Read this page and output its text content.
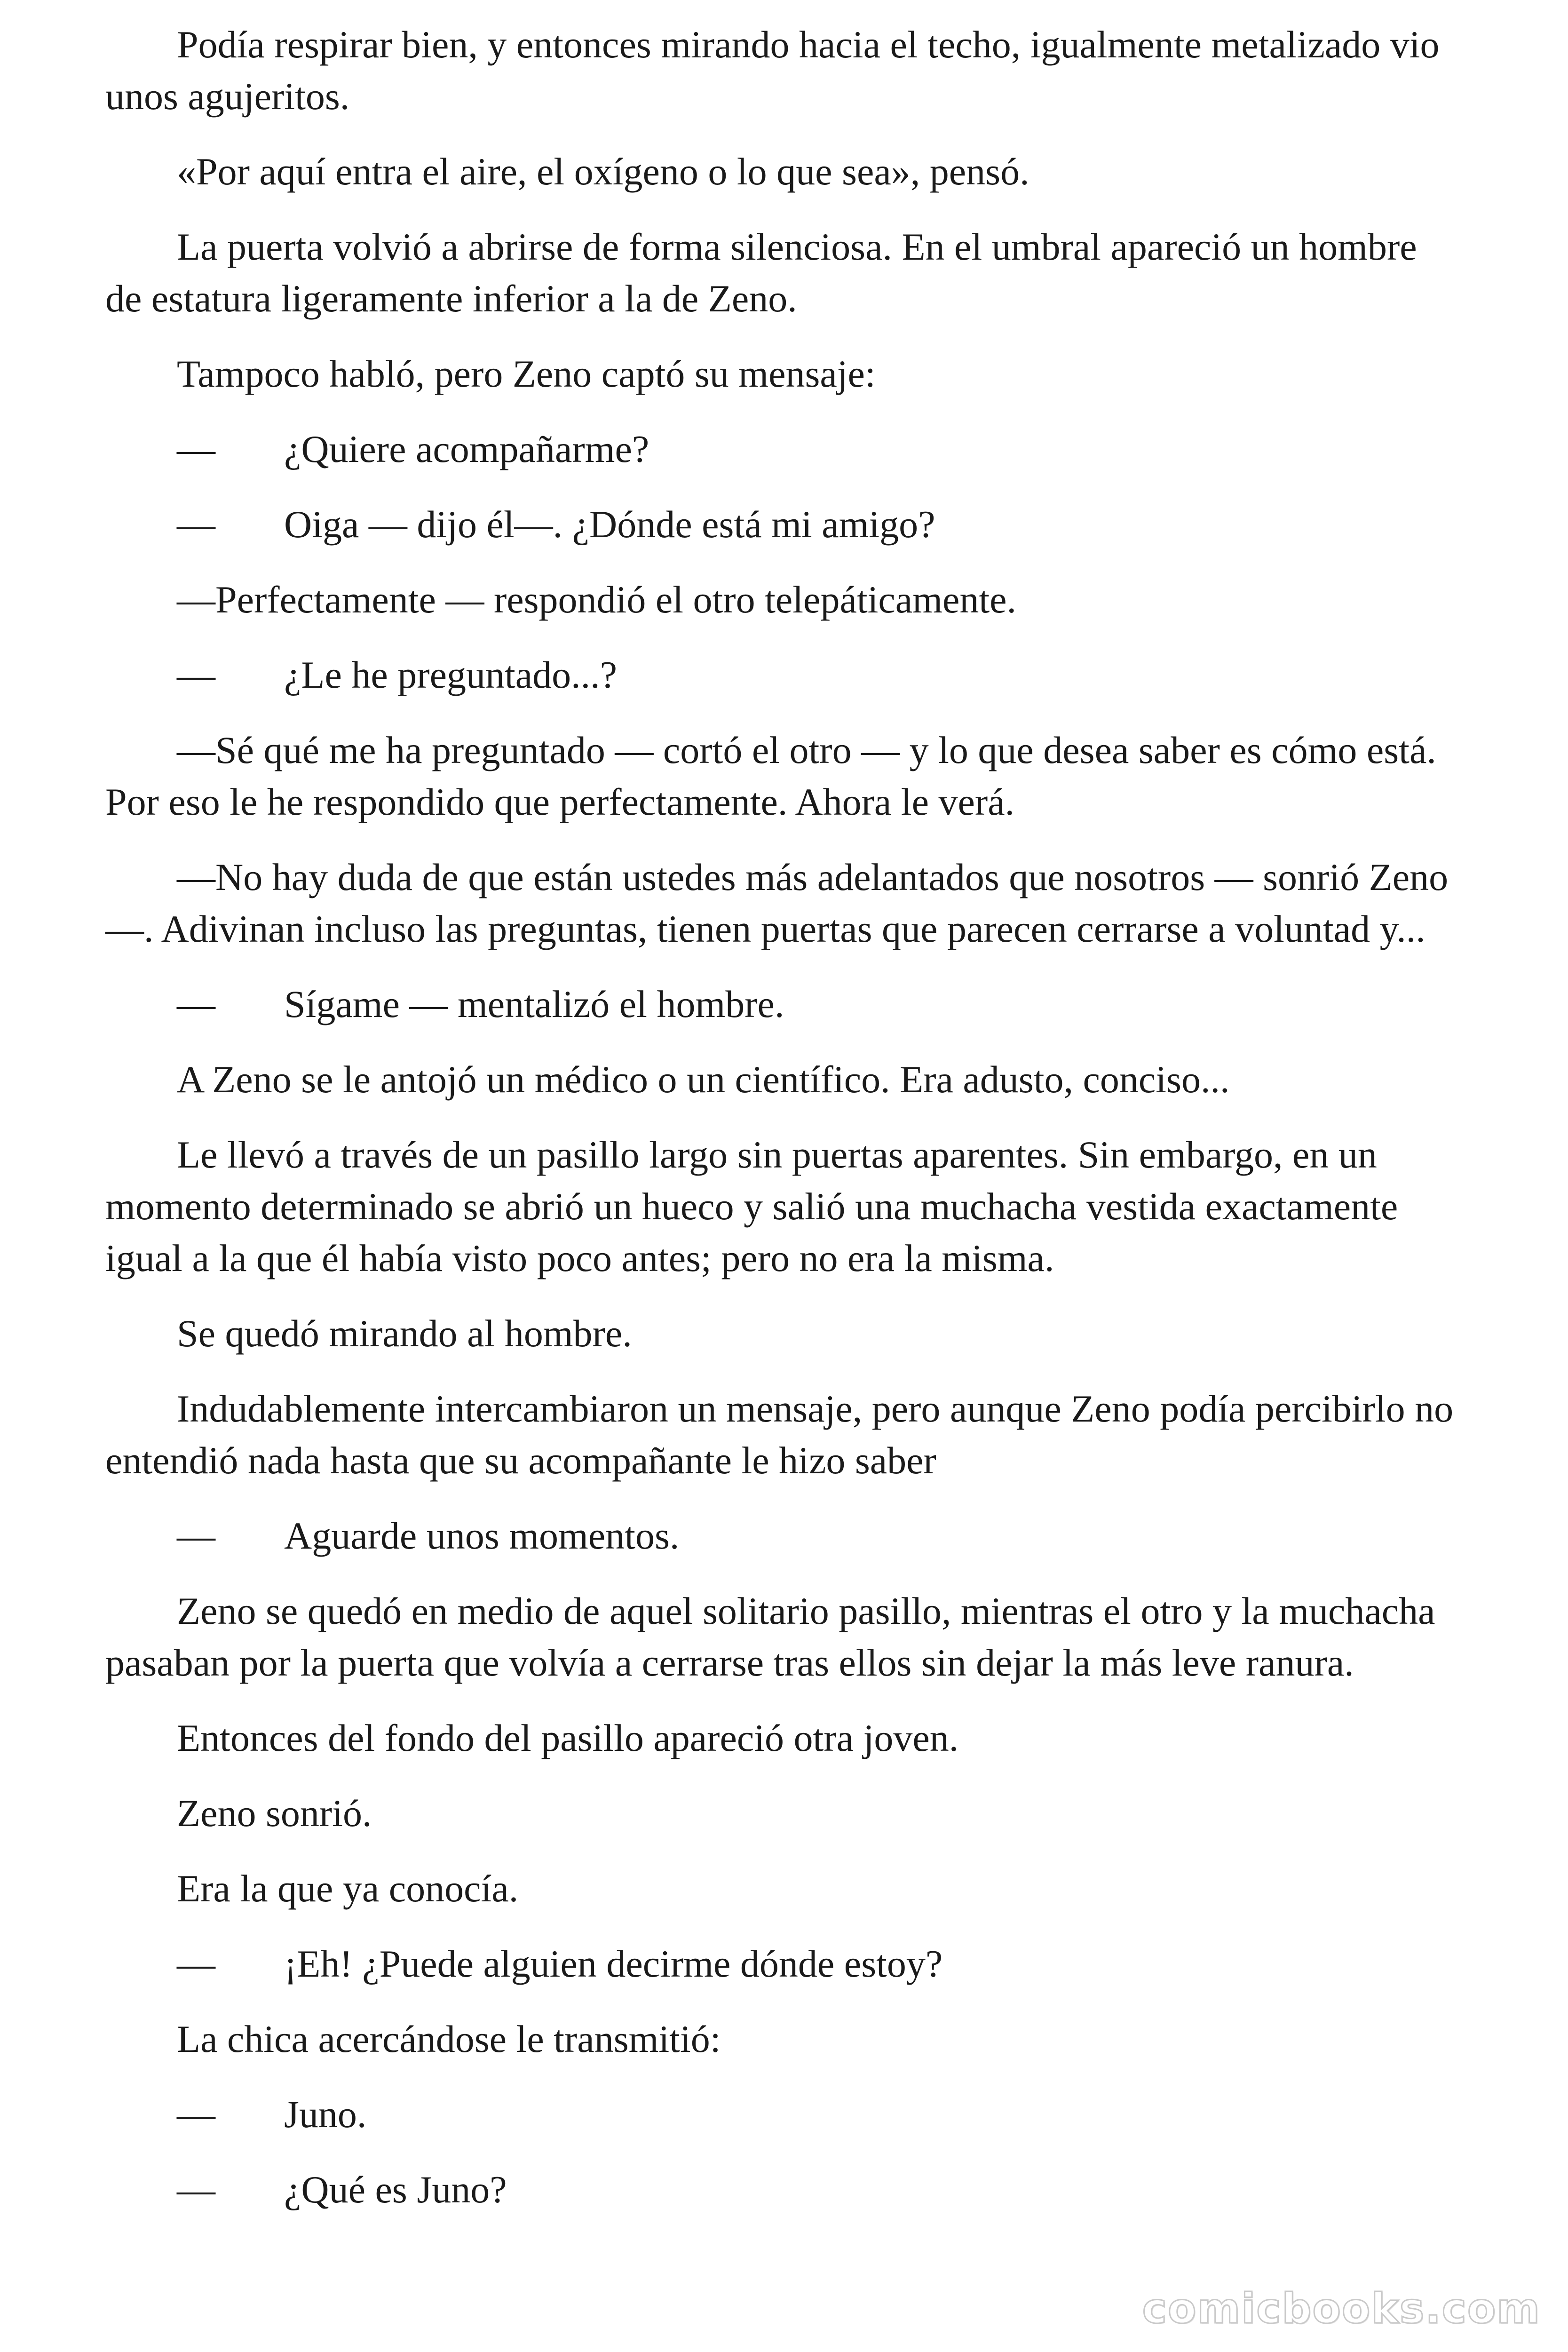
Podía respirar bien, y entonces mirando hacia el techo, igualmente metalizado vio unos agujeritos.

«Por aquí entra el aire, el oxígeno o lo que sea», pensó.

La puerta volvió a abrirse de forma silenciosa. En el umbral apareció un hombre de estatura ligeramente inferior a la de Zeno.

Tampoco habló, pero Zeno captó su mensaje:

— ¿Quiere acompañarme?

— Oiga — dijo él—. ¿Dónde está mi amigo?

—Perfectamente — respondió el otro telepáticamente.

— ¿Le he preguntado...?

—Sé qué me ha preguntado — cortó el otro — y lo que desea saber es cómo está. Por eso le he respondido que perfectamente. Ahora le verá.

—No hay duda de que están ustedes más adelantados que nosotros — sonrió Zeno —. Adivinan incluso las preguntas, tienen puertas que parecen cerrarse a voluntad y...

— Sígame — mentalizó el hombre.

A Zeno se le antojó un médico o un científico. Era adusto, conciso...

Le llevó a través de un pasillo largo sin puertas aparentes. Sin embargo, en un momento determinado se abrió un hueco y salió una muchacha vestida exactamente igual a la que él había visto poco antes; pero no era la misma.

Se quedó mirando al hombre.

Indudablemente intercambiaron un mensaje, pero aunque Zeno podía percibirlo no entendió nada hasta que su acompañante le hizo saber

— Aguarde unos momentos.

Zeno se quedó en medio de aquel solitario pasillo, mientras el otro y la muchacha pasaban por la puerta que volvía a cerrarse tras ellos sin dejar la más leve ranura.

Entonces del fondo del pasillo apareció otra joven.

Zeno sonrió.

Era la que ya conocía.

— ¡Eh! ¿Puede alguien decirme dónde estoy?

La chica acercándose le transmitió:

— Juno.

— ¿Qué es Juno?

comicbooks.com
